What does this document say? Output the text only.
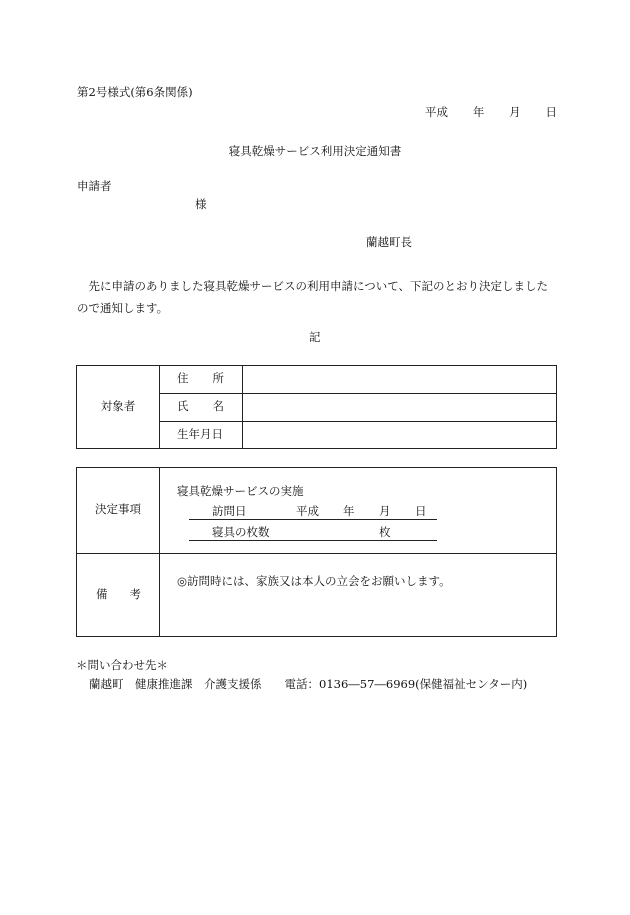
第2号様式(第6条関係)
平成 年 月 日
寝具乾燥サービス利用決定通知書
申請者
様
蘭越町長
先に申請のありました寝具乾燥サービスの利用申請について、下記のとおり決定しましたので通知します。
記
対象者
住 所
氏 名
生年月日
決定事項
寝具乾燥サービスの実施
訪問日	平成 年 月 日
寝具の枚数	枚
備 考
◎訪問時には、家族又は本人の立会をお願いします。
＊問い合わせ先＊
蘭越町　健康推進課　介護支援係　　電話：0136―57―6969(保健福祉センター内)
